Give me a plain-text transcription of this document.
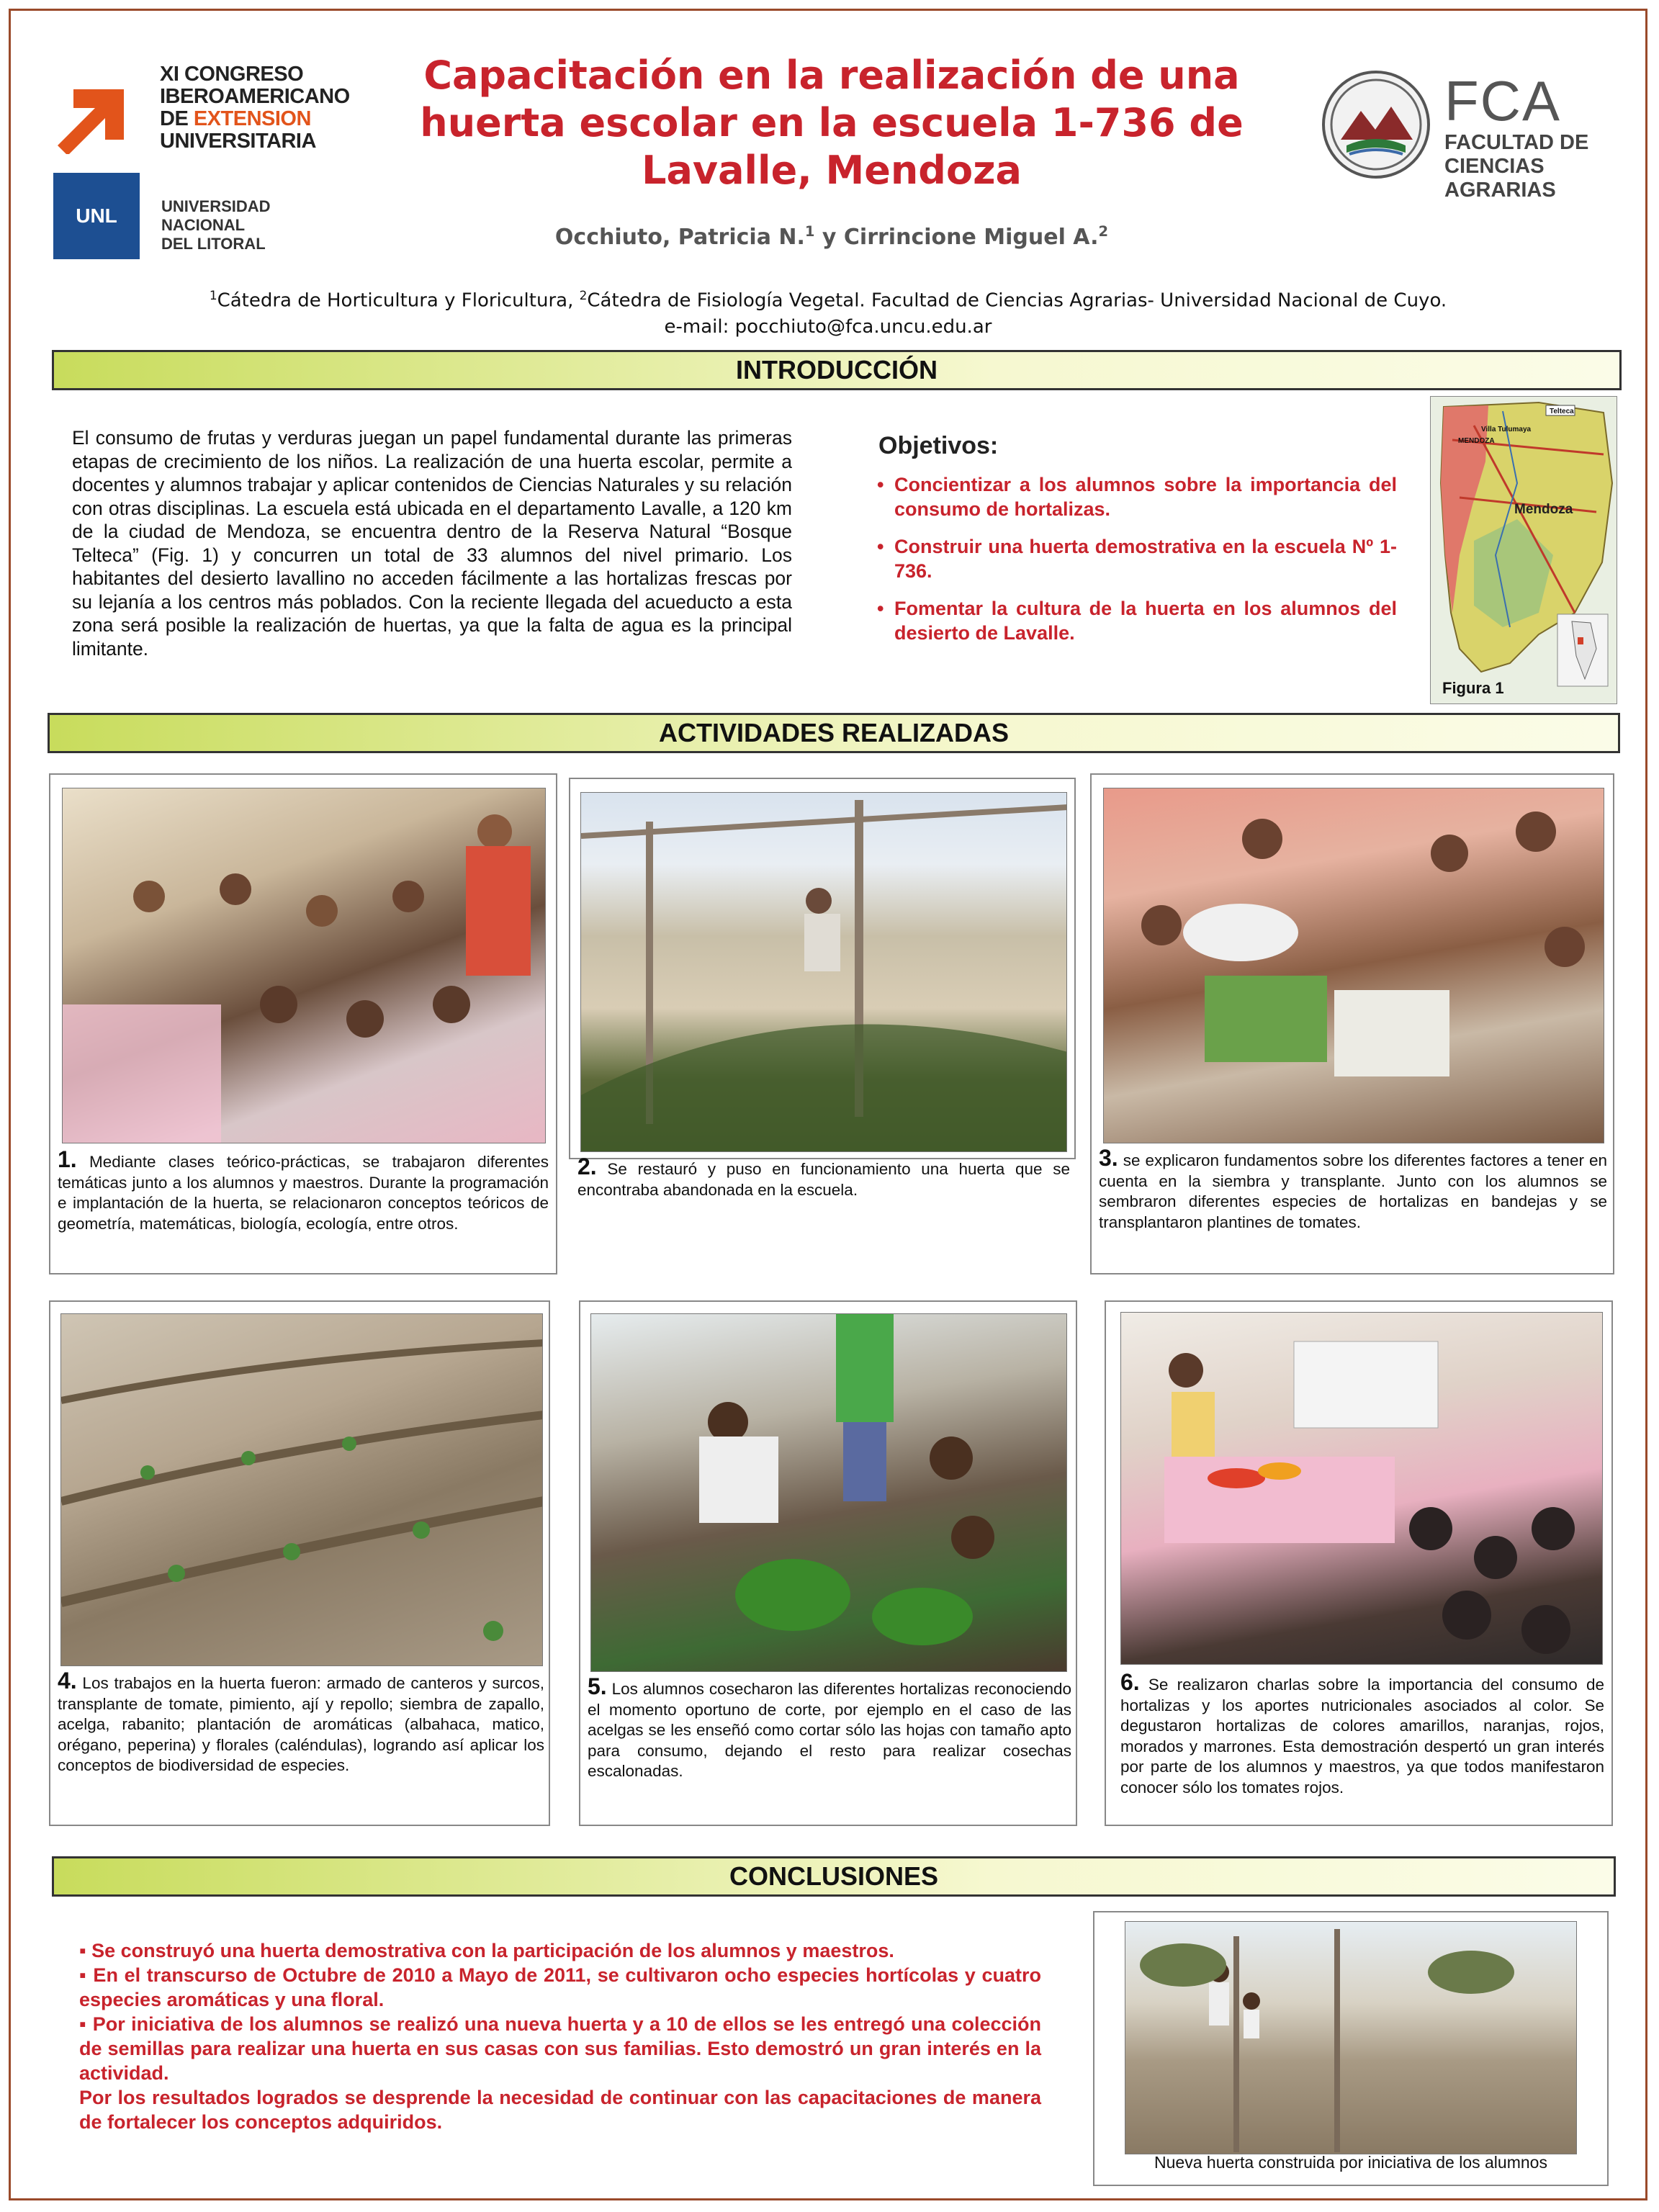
XI CONGRESO
IBEROAMERICANO
DE EXTENSION
UNIVERSITARIA
UNL	UNIVERSIDAD NACIONAL
DEL LITORAL
FCA
FACULTAD DE
CIENCIAS AGRARIAS
Capacitación en la realización de una huerta escolar en la escuela 1-736 de Lavalle, Mendoza
Occhiuto, Patricia N.$^1$ y Cirrincione Miguel A.$^2$
$^1$Cátedra de Horticultura y Floricultura, $^2$Cátedra de Fisiología Vegetal. Facultad de Ciencias Agrarias- Universidad Nacional de Cuyo.
e-mail: pocchiuto@fca.uncu.edu.ar
INTRODUCCIÓN
El consumo de frutas y verduras juegan un papel fundamental durante las primeras etapas de crecimiento de los niños. La realización de una huerta escolar, permite a docentes y alumnos trabajar y aplicar contenidos de Ciencias Naturales y su relación con otras disciplinas. La escuela está ubicada en el departamento Lavalle, a 120 km de la ciudad de Mendoza, se encuentra dentro de la Reserva Natural “Bosque Telteca” (Fig. 1) y concurren un total de 33 alumnos del nivel primario. Los habitantes del desierto lavallino no acceden fácilmente a las hortalizas frescas por su lejanía a los centros más poblados. Con la reciente llegada del acueducto a esta zona será posible la realización de huertas, ya que la falta de agua es la principal limitante.
Objetivos:
• Concientizar a los alumnos sobre la importancia del consumo de hortalizas.
• Construir una huerta demostrativa en la escuela Nº 1-736.
• Fomentar la cultura de la huerta en los alumnos del desierto de Lavalle.
Telteca
Villa Tulumaya
MENDOZA
Mendoza
Figura 1
ACTIVIDADES REALIZADAS
1. Mediante clases teórico-prácticas, se trabajaron diferentes temáticas junto a los alumnos y maestros. Durante la programación e implantación de la huerta, se relacionaron conceptos teóricos de geometría, matemáticas, biología, ecología, entre otros.
2. Se restauró y puso en funcionamiento una huerta que se encontraba abandonada en la escuela.
3. se explicaron fundamentos sobre los diferentes factores a tener en cuenta en la siembra y transplante. Junto con los alumnos se sembraron diferentes especies de hortalizas en bandejas y se transplantaron plantines de tomates.
4. Los trabajos en la huerta fueron: armado de canteros y surcos, transplante de tomate, pimiento, ají y repollo; siembra de zapallo, acelga, rabanito; plantación de aromáticas (albahaca, matico, orégano, peperina) y florales (caléndulas), logrando así aplicar los conceptos de biodiversidad de especies.
5. Los alumnos cosecharon las diferentes hortalizas reconociendo el momento oportuno de corte, por ejemplo en el caso de las acelgas se les enseñó como cortar sólo las hojas con tamaño apto para consumo, dejando el resto para realizar cosechas escalonadas.
6. Se realizaron charlas sobre la importancia del consumo de hortalizas y los aportes nutricionales asociados al color. Se degustaron hortalizas de colores amarillos, naranjas, rojos, morados y marrones. Esta demostración despertó un gran interés por parte de los alumnos y maestros, ya que todos manifestaron conocer sólo los tomates rojos.
CONCLUSIONES

▪ Se construyó una huerta demostrativa con la participación de los alumnos y maestros.

▪ En el transcurso de Octubre de 2010 a Mayo de 2011, se cultivaron ocho especies hortícolas y cuatro especies aromáticas y una floral.

▪ Por iniciativa de los alumnos se realizó una nueva huerta y a 10 de ellos se les entregó una colección de semillas para realizar una huerta en sus casas con sus familias. Esto demostró un gran interés en la actividad.

Por los resultados logrados se desprende la necesidad de continuar con las capacitaciones de manera de fortalecer los conceptos adquiridos.

Nueva huerta construida por iniciativa de los alumnos
